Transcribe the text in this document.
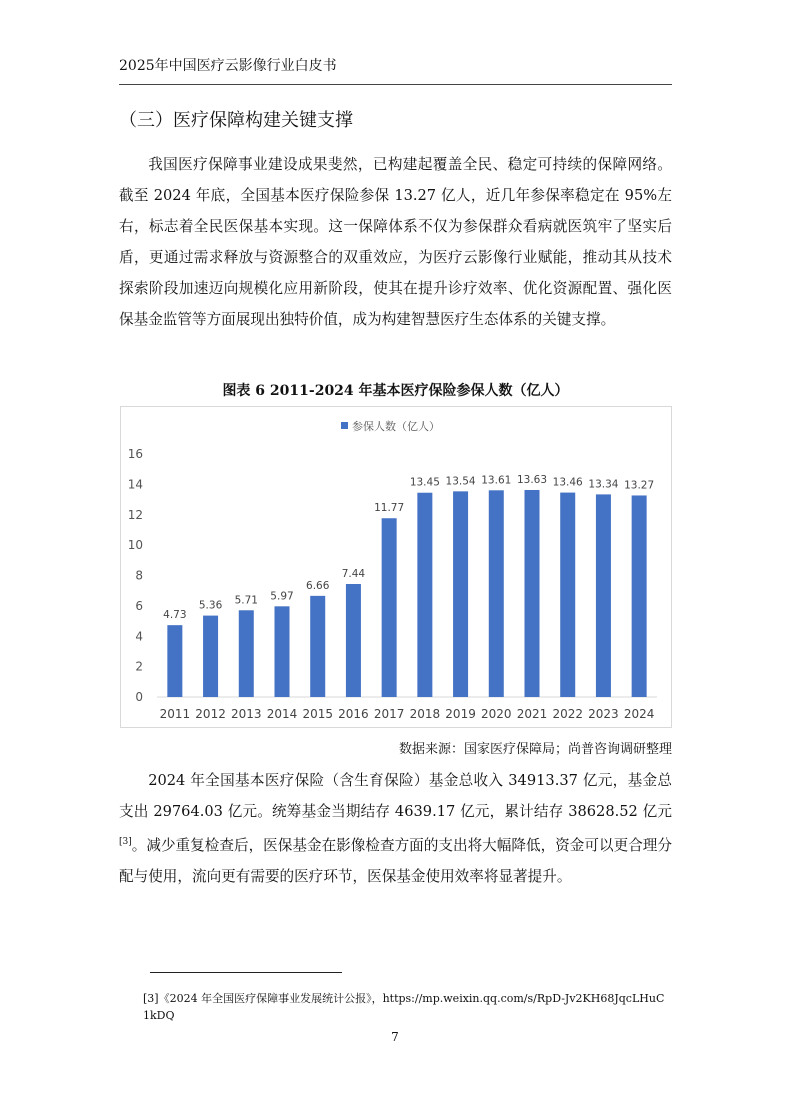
2025年中国医疗云影像行业白皮书
（三）医疗保障构建关键支撑

我国医疗保障事业建设成果斐然，已构建起覆盖全民、稳定可持续的保障网络。截至 2024 年底，全国基本医疗保险参保 13.27 亿人，近几年参保率稳定在 95%左右，标志着全民医保基本实现。这一保障体系不仅为参保群众看病就医筑牢了坚实后盾，更通过需求释放与资源整合的双重效应，为医疗云影像行业赋能，推动其从技术探索阶段加速迈向规模化应用新阶段，使其在提升诊疗效率、优化资源配置、强化医保基金监管等方面展现出独特价值，成为构建智慧医疗生态体系的关键支撑。

图表 6 2011-2024 年基本医疗保险参保人数（亿人）
参保人数（亿人）
0
2
4
6
8
10
12
14
16
4.73
2011
5.36
2012
5.71
2013
5.97
2014
6.66
2015
7.44
2016
11.77
2017
13.45
2018
13.54
2019
13.61
2020
13.63
2021
13.46
2022
13.34
2023
13.27
2024
数据来源：国家医疗保障局；尚普咨询调研整理

2024 年全国基本医疗保险（含生育保险）基金总收入 34913.37 亿元，基金总支出 29764.03 亿元。统筹基金当期结存 4639.17 亿元，累计结存 38628.52 亿元[3]。减少重复检查后，医保基金在影像检查方面的支出将大幅降低，资金可以更合理分配与使用，流向更有需要的医疗环节，医保基金使用效率将显著提升。

[3]《2024 年全国医疗保障事业发展统计公报》，https://mp.weixin.qq.com/s/RpD-Jv2KH68JqcLHuC1kDQ

7
